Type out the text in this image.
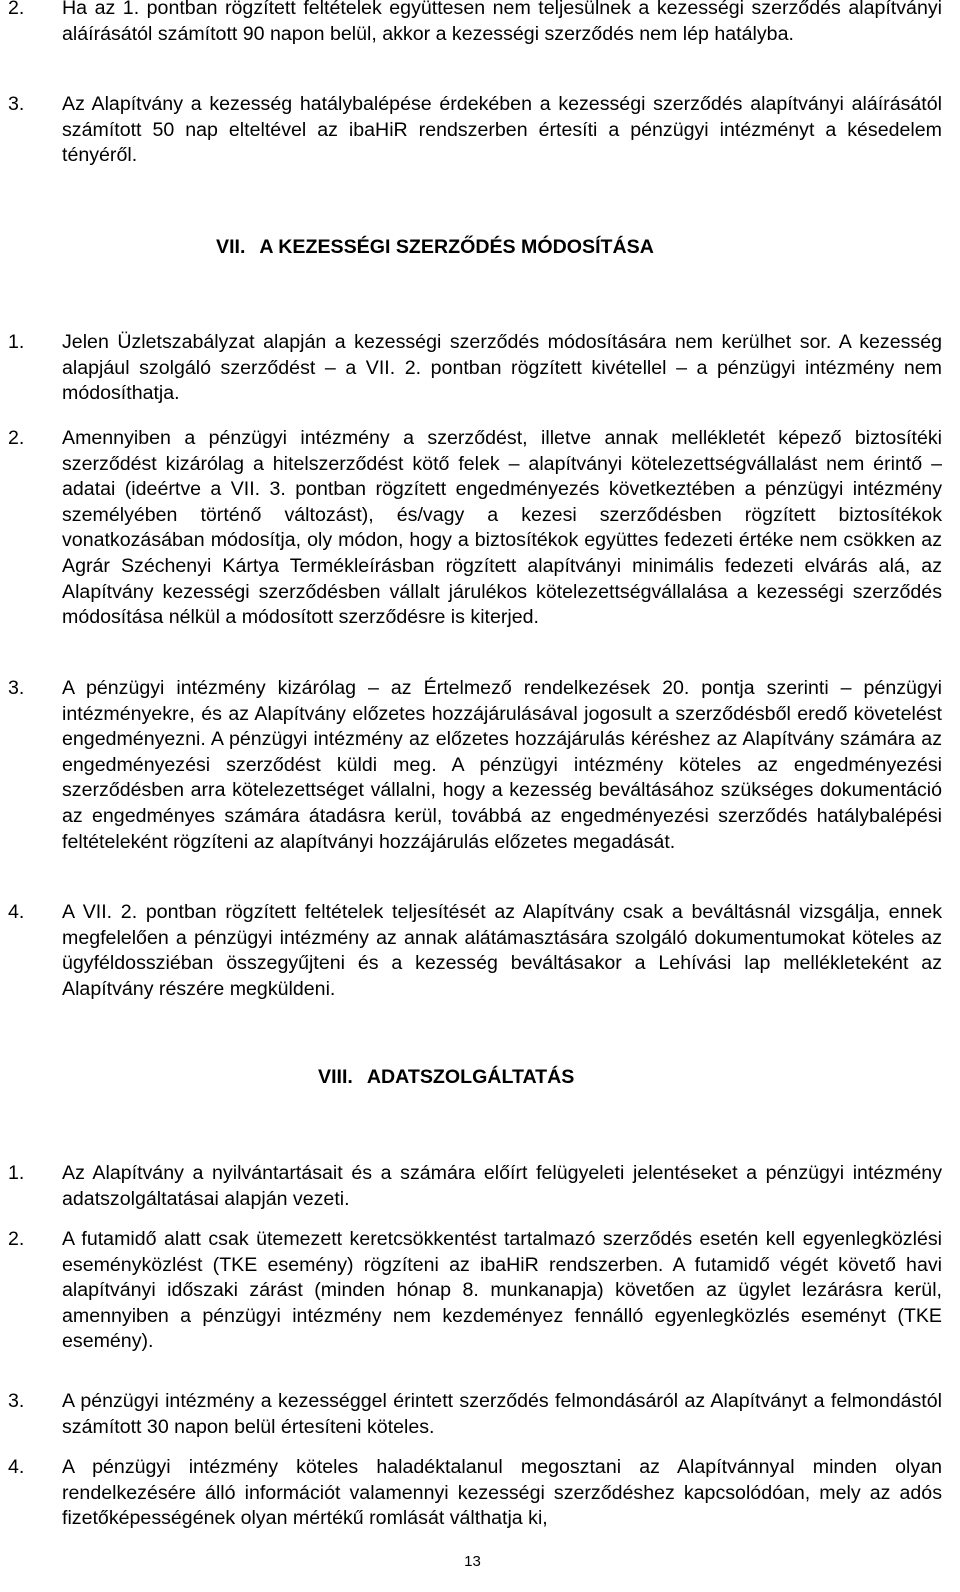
2.	Ha az 1. pontban rögzített feltételek együttesen nem teljesülnek a kezességi szerződés alapítványi aláírásától számított 90 napon belül, akkor a kezességi szerződés nem lép hatályba.

3.	Az Alapítvány a kezesség hatálybalépése érdekében a kezességi szerződés alapítványi aláírásától számított 50 nap elteltével az ibaHiR rendszerben értesíti a pénzügyi intézményt a késedelem tényéről.

VII. A KEZESSÉGI SZERZŐDÉS MÓDOSÍTÁSA
1.	Jelen Üzletszabályzat alapján a kezességi szerződés módosítására nem kerülhet sor. A kezesség alapjául szolgáló szerződést – a VII. 2. pontban rögzített kivétellel – a pénzügyi intézmény nem módosíthatja.

2.	Amennyiben a pénzügyi intézmény a szerződést, illetve annak mellékletét képező biztosítéki szerződést kizárólag a hitelszerződést kötő felek – alapítványi kötelezettségvállalást nem érintő – adatai (ideértve a VII. 3. pontban rögzített engedményezés következtében a pénzügyi intézmény személyében történő változást), és/vagy a kezesi szerződésben rögzített biztosítékok vonatkozásában módosítja, oly módon, hogy a biztosítékok együttes fedezeti értéke nem csökken az Agrár Széchenyi Kártya Termékleírásban rögzített alapítványi minimális fedezeti elvárás alá, az Alapítvány kezességi szerződésben vállalt járulékos kötelezettségvállalása a kezességi szerződés módosítása nélkül a módosított szerződésre is kiterjed.

3.	A pénzügyi intézmény kizárólag – az Értelmező rendelkezések 20. pontja szerinti – pénzügyi intézményekre, és az Alapítvány előzetes hozzájárulásával jogosult a szerződésből eredő követelést engedményezni. A pénzügyi intézmény az előzetes hozzájárulás kéréshez az Alapítvány számára az engedményezési szerződést küldi meg. A pénzügyi intézmény köteles az engedményezési szerződésben arra kötelezettséget vállalni, hogy a kezesség beváltásához szükséges dokumentáció az engedményes számára átadásra kerül, továbbá az engedményezési szerződés hatálybalépési feltételeként rögzíteni az alapítványi hozzájárulás előzetes megadását.

4.	A VII. 2. pontban rögzített feltételek teljesítését az Alapítvány csak a beváltásnál vizsgálja, ennek megfelelően a pénzügyi intézmény az annak alátámasztására szolgáló dokumentumokat köteles az ügyféldossziéban összegyűjteni és a kezesség beváltásakor a Lehívási lap mellékleteként az Alapítvány részére megküldeni.

VIII. ADATSZOLGÁLTATÁS
1.	Az Alapítvány a nyilvántartásait és a számára előírt felügyeleti jelentéseket a pénzügyi intézmény adatszolgáltatásai alapján vezeti.

2.	A futamidő alatt csak ütemezett keretcsökkentést tartalmazó szerződés esetén kell egyenlegközlési eseményközlést (TKE esemény) rögzíteni az ibaHiR rendszerben. A futamidő végét követő havi alapítványi időszaki zárást (minden hónap 8. munkanapja) követően az ügylet lezárásra kerül, amennyiben a pénzügyi intézmény nem kezdeményez fennálló egyenlegközlés eseményt (TKE esemény).

3.	A pénzügyi intézmény a kezességgel érintett szerződés felmondásáról az Alapítványt a felmondástól számított 30 napon belül értesíteni köteles.

4.	A pénzügyi intézmény köteles haladéktalanul megosztani az Alapítvánnyal minden olyan rendelkezésére álló információt valamennyi kezességi szerződéshez kapcsolódóan, mely az adós fizetőképességének olyan mértékű romlását válthatja ki,

13
